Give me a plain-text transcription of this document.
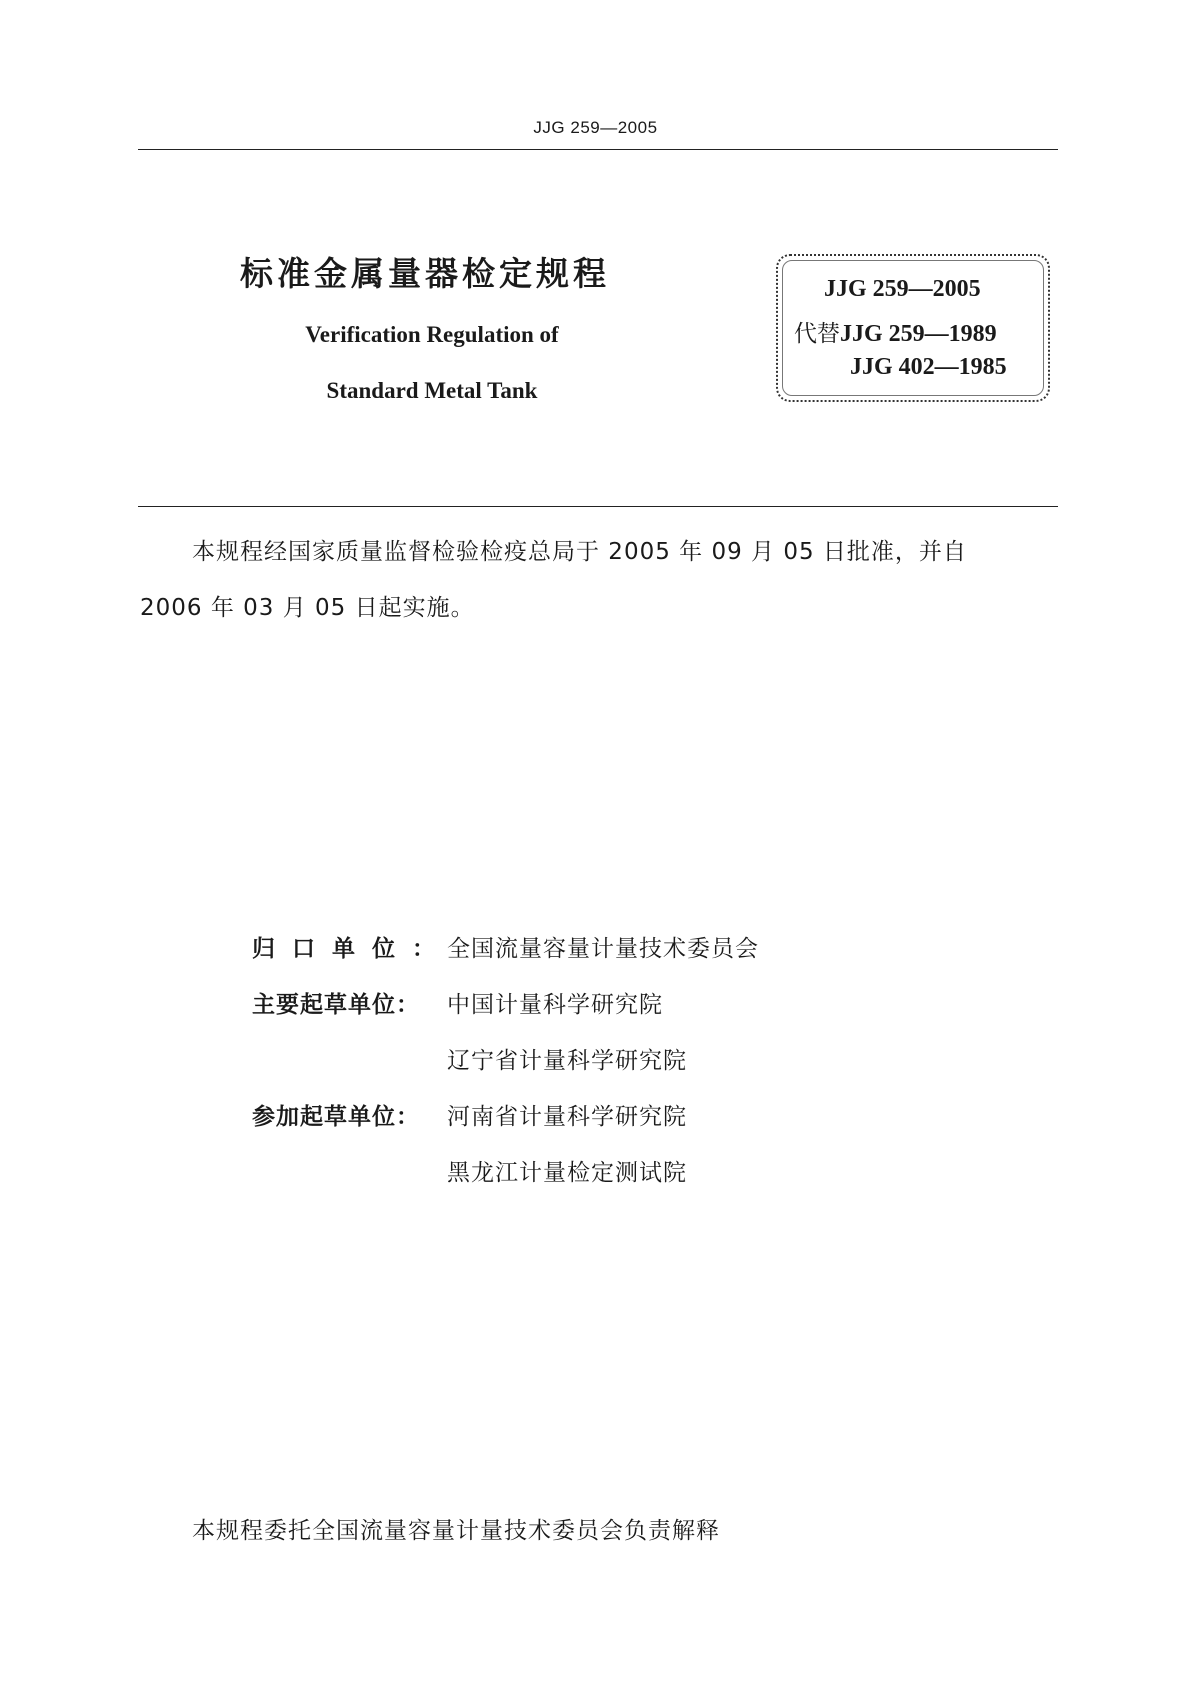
JJG 259—2005
标准金属量器检定规程
Verification Regulation of
Standard Metal Tank
JJG 259—2005
代替JJG 259—1989
JJG 402—1985
本规程经国家质量监督检验检疫总局于 2005 年 09 月 05 日批准，并自
2006 年 03 月 05 日起实施。
归口单位： 全国流量容量计量技术委员会
主要起草单位： 中国计量科学研究院
辽宁省计量科学研究院
参加起草单位： 河南省计量科学研究院
黑龙江计量检定测试院
本规程委托全国流量容量计量技术委员会负责解释
